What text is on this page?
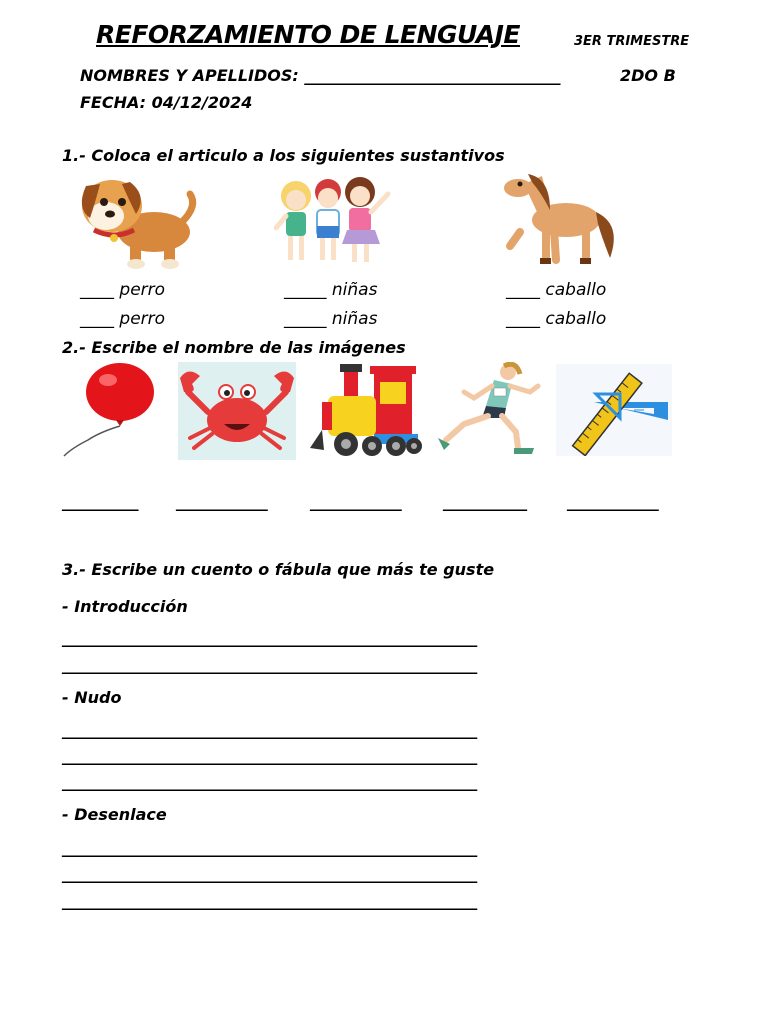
REFORZAMIENTO DE LENGUAJE	3ER TRIMESTRE
NOMBRES Y APELLIDOS: ________________________________	2DO B
FECHA: 04/12/2024
1.- Coloca el articulo a los siguientes sustantivos
____ perro
____ perro
_____ niñas
_____ niñas
____ caballo
____ caballo
2.- Escribe el nombre de las imágenes
__________ ____________	____________	___________	____________
3.- Escribe un cuento o fábula que más te guste
- Introducción
____________________________________________________________
____________________________________________________________
- Nudo
____________________________________________________________
____________________________________________________________
____________________________________________________________
- Desenlace
____________________________________________________________
____________________________________________________________
____________________________________________________________
